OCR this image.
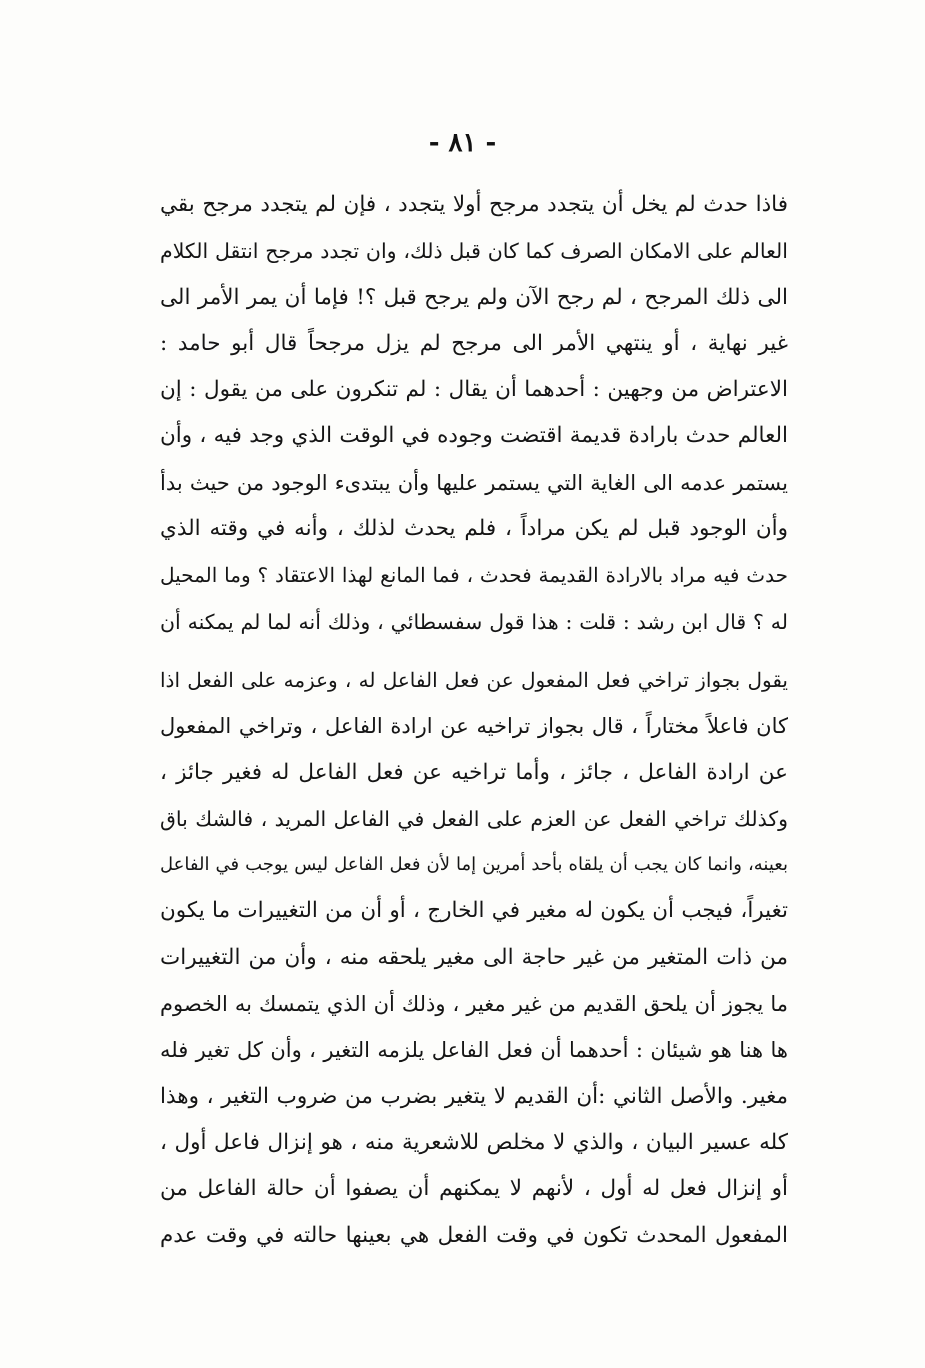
- ٨١ -
فاذا حدث لم يخل أن يتجدد مرجح أولا يتجدد ، فإن لم يتجدد مرجح بقي
العالم على الامكان الصرف كما كان قبل ذلك، وان تجدد مرجح انتقل الكلام
الى ذلك المرجح ، لم رجح الآن ولم يرجح قبل ؟! فإما أن يمر الأمر الى
غير نهاية ، أو ينتهي الأمر الى مرجح لم يزل مرجحاً قال أبو حامد :
الاعتراض من وجهين : أحدهما أن يقال : لم تنكرون على من يقول : إن
العالم حدث بارادة قديمة اقتضت وجوده في الوقت الذي وجد فيه ، وأن
يستمر عدمه الى الغاية التي يستمر عليها وأن يبتدىء الوجود من حيث بدأ
وأن الوجود قبل لم يكن مراداً ، فلم يحدث لذلك ، وأنه في وقته الذي
حدث فيه مراد بالارادة القديمة فحدث ، فما المانع لهذا الاعتقاد ؟ وما المحيل
له ؟ قال ابن رشد : قلت : هذا قول سفسطائي ، وذلك أنه لما لم يمكنه أن
يقول بجواز تراخي فعل المفعول عن فعل الفاعل له ، وعزمه على الفعل اذا
كان فاعلاً مختاراً ، قال بجواز تراخيه عن ارادة الفاعل ، وتراخي المفعول
عن ارادة الفاعل ، جائز ، وأما تراخيه عن فعل الفاعل له فغير جائز ،
وكذلك تراخي الفعل عن العزم على الفعل في الفاعل المريد ، فالشك باق
بعينه، وانما كان يجب أن يلقاه بأحد أمرين إما لأن فعل الفاعل ليس يوجب في الفاعل
تغيراً، فيجب أن يكون له مغير في الخارج ، أو أن من التغييرات ما يكون
من ذات المتغير من غير حاجة الى مغير يلحقه منه ، وأن من التغييرات
ما يجوز أن يلحق القديم من غير مغير ، وذلك أن الذي يتمسك به الخصوم
ها هنا هو شيئان : أحدهما أن فعل الفاعل يلزمه التغير ، وأن كل تغير فله
مغير. والأصل الثاني :أن القديم لا يتغير بضرب من ضروب التغير ، وهذا
كله عسير البيان ، والذي لا مخلص للاشعرية منه ، هو إنزال فاعل أول ،
أو إنزال فعل له أول ، لأنهم لا يمكنهم أن يصفوا أن حالة الفاعل من
المفعول المحدث تكون في وقت الفعل هي بعينها حالته في وقت عدم
